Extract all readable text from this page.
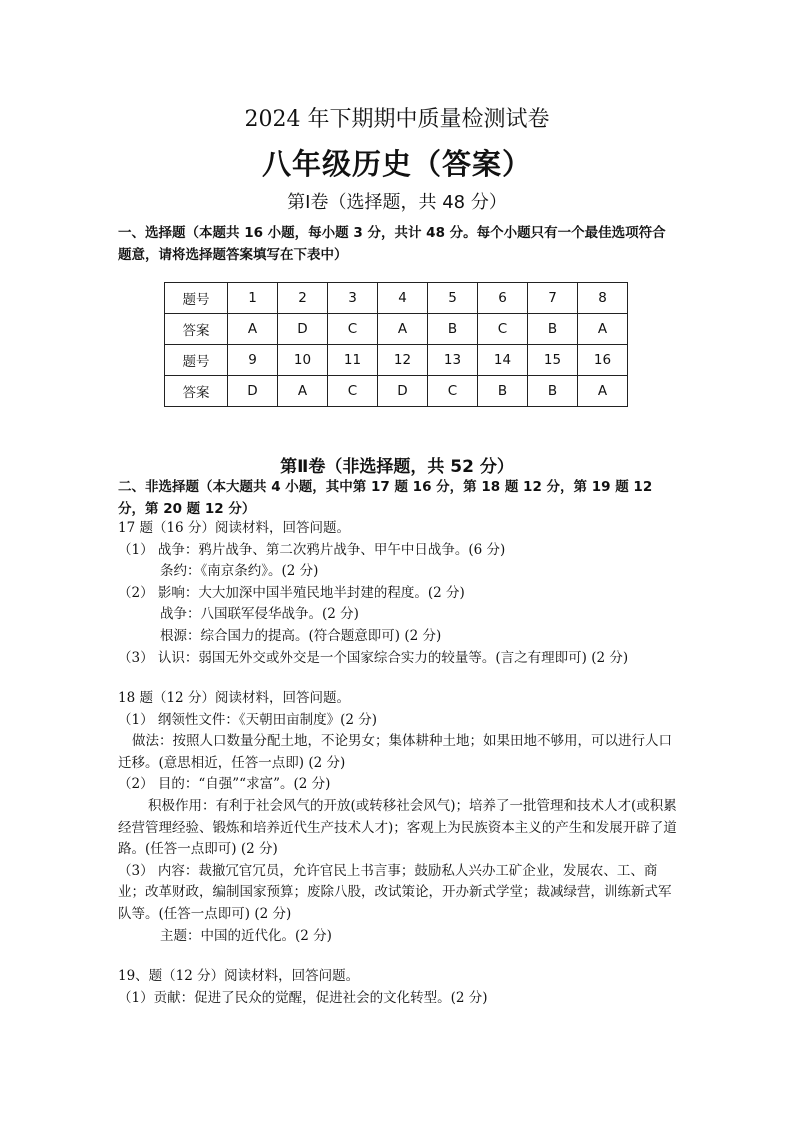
2024 年下期期中质量检测试卷
八年级历史（答案）
第Ⅰ卷（选择题，共 48 分）
一、选择题（本题共 16 小题，每小题 3 分，共计 48 分。每个小题只有一个最佳选项符合题意，请将选择题答案填写在下表中）
题号	1	2	3	4	5	6	7	8
答案	A	D	C	A	B	C	B	A
题号	9	10	11	12	13	14	15	16
答案	D	A	C	D	C	B	B	A
第Ⅱ卷（非选择题，共 52 分）
二、非选择题（本大题共 4 小题，其中第 17 题 16 分，第 18 题 12 分，第 19 题 12 分，第 20 题 12 分）
17 题（16 分）阅读材料，回答问题。
（1） 战争：鸦片战争、第二次鸦片战争、甲午中日战争。(6 分)
条约：《南京条约》。(2 分)
（2） 影响：大大加深中国半殖民地半封建的程度。(2 分)
战争：八国联军侵华战争。(2 分)
根源：综合国力的提高。(符合题意即可) (2 分)
（3） 认识：弱国无外交或外交是一个国家综合实力的较量等。(言之有理即可) (2 分)
18 题（12 分）阅读材料，回答问题。
（1） 纲领性文件：《天朝田亩制度》(2 分)
做法：按照人口数量分配土地，不论男女；集体耕种土地；如果田地不够用，可以进行人口迁移。(意思相近，任答一点即) (2 分)
（2） 目的：“自强”“求富”。(2 分)
积极作用：有利于社会风气的开放(或转移社会风气)；培养了一批管理和技术人才(或积累经营管理经验、锻炼和培养近代生产技术人才)；客观上为民族资本主义的产生和发展开辟了道路。(任答一点即可) (2 分)
（3） 内容：裁撤冗官冗员，允许官民上书言事；鼓励私人兴办工矿企业，发展农、工、商业；改革财政，编制国家预算；废除八股，改试策论，开办新式学堂；裁减绿营，训练新式军队等。(任答一点即可) (2 分)
主题：中国的近代化。(2 分)
19、题（12 分）阅读材料，回答问题。
（1）贡献：促进了民众的觉醒，促进社会的文化转型。(2 分)
